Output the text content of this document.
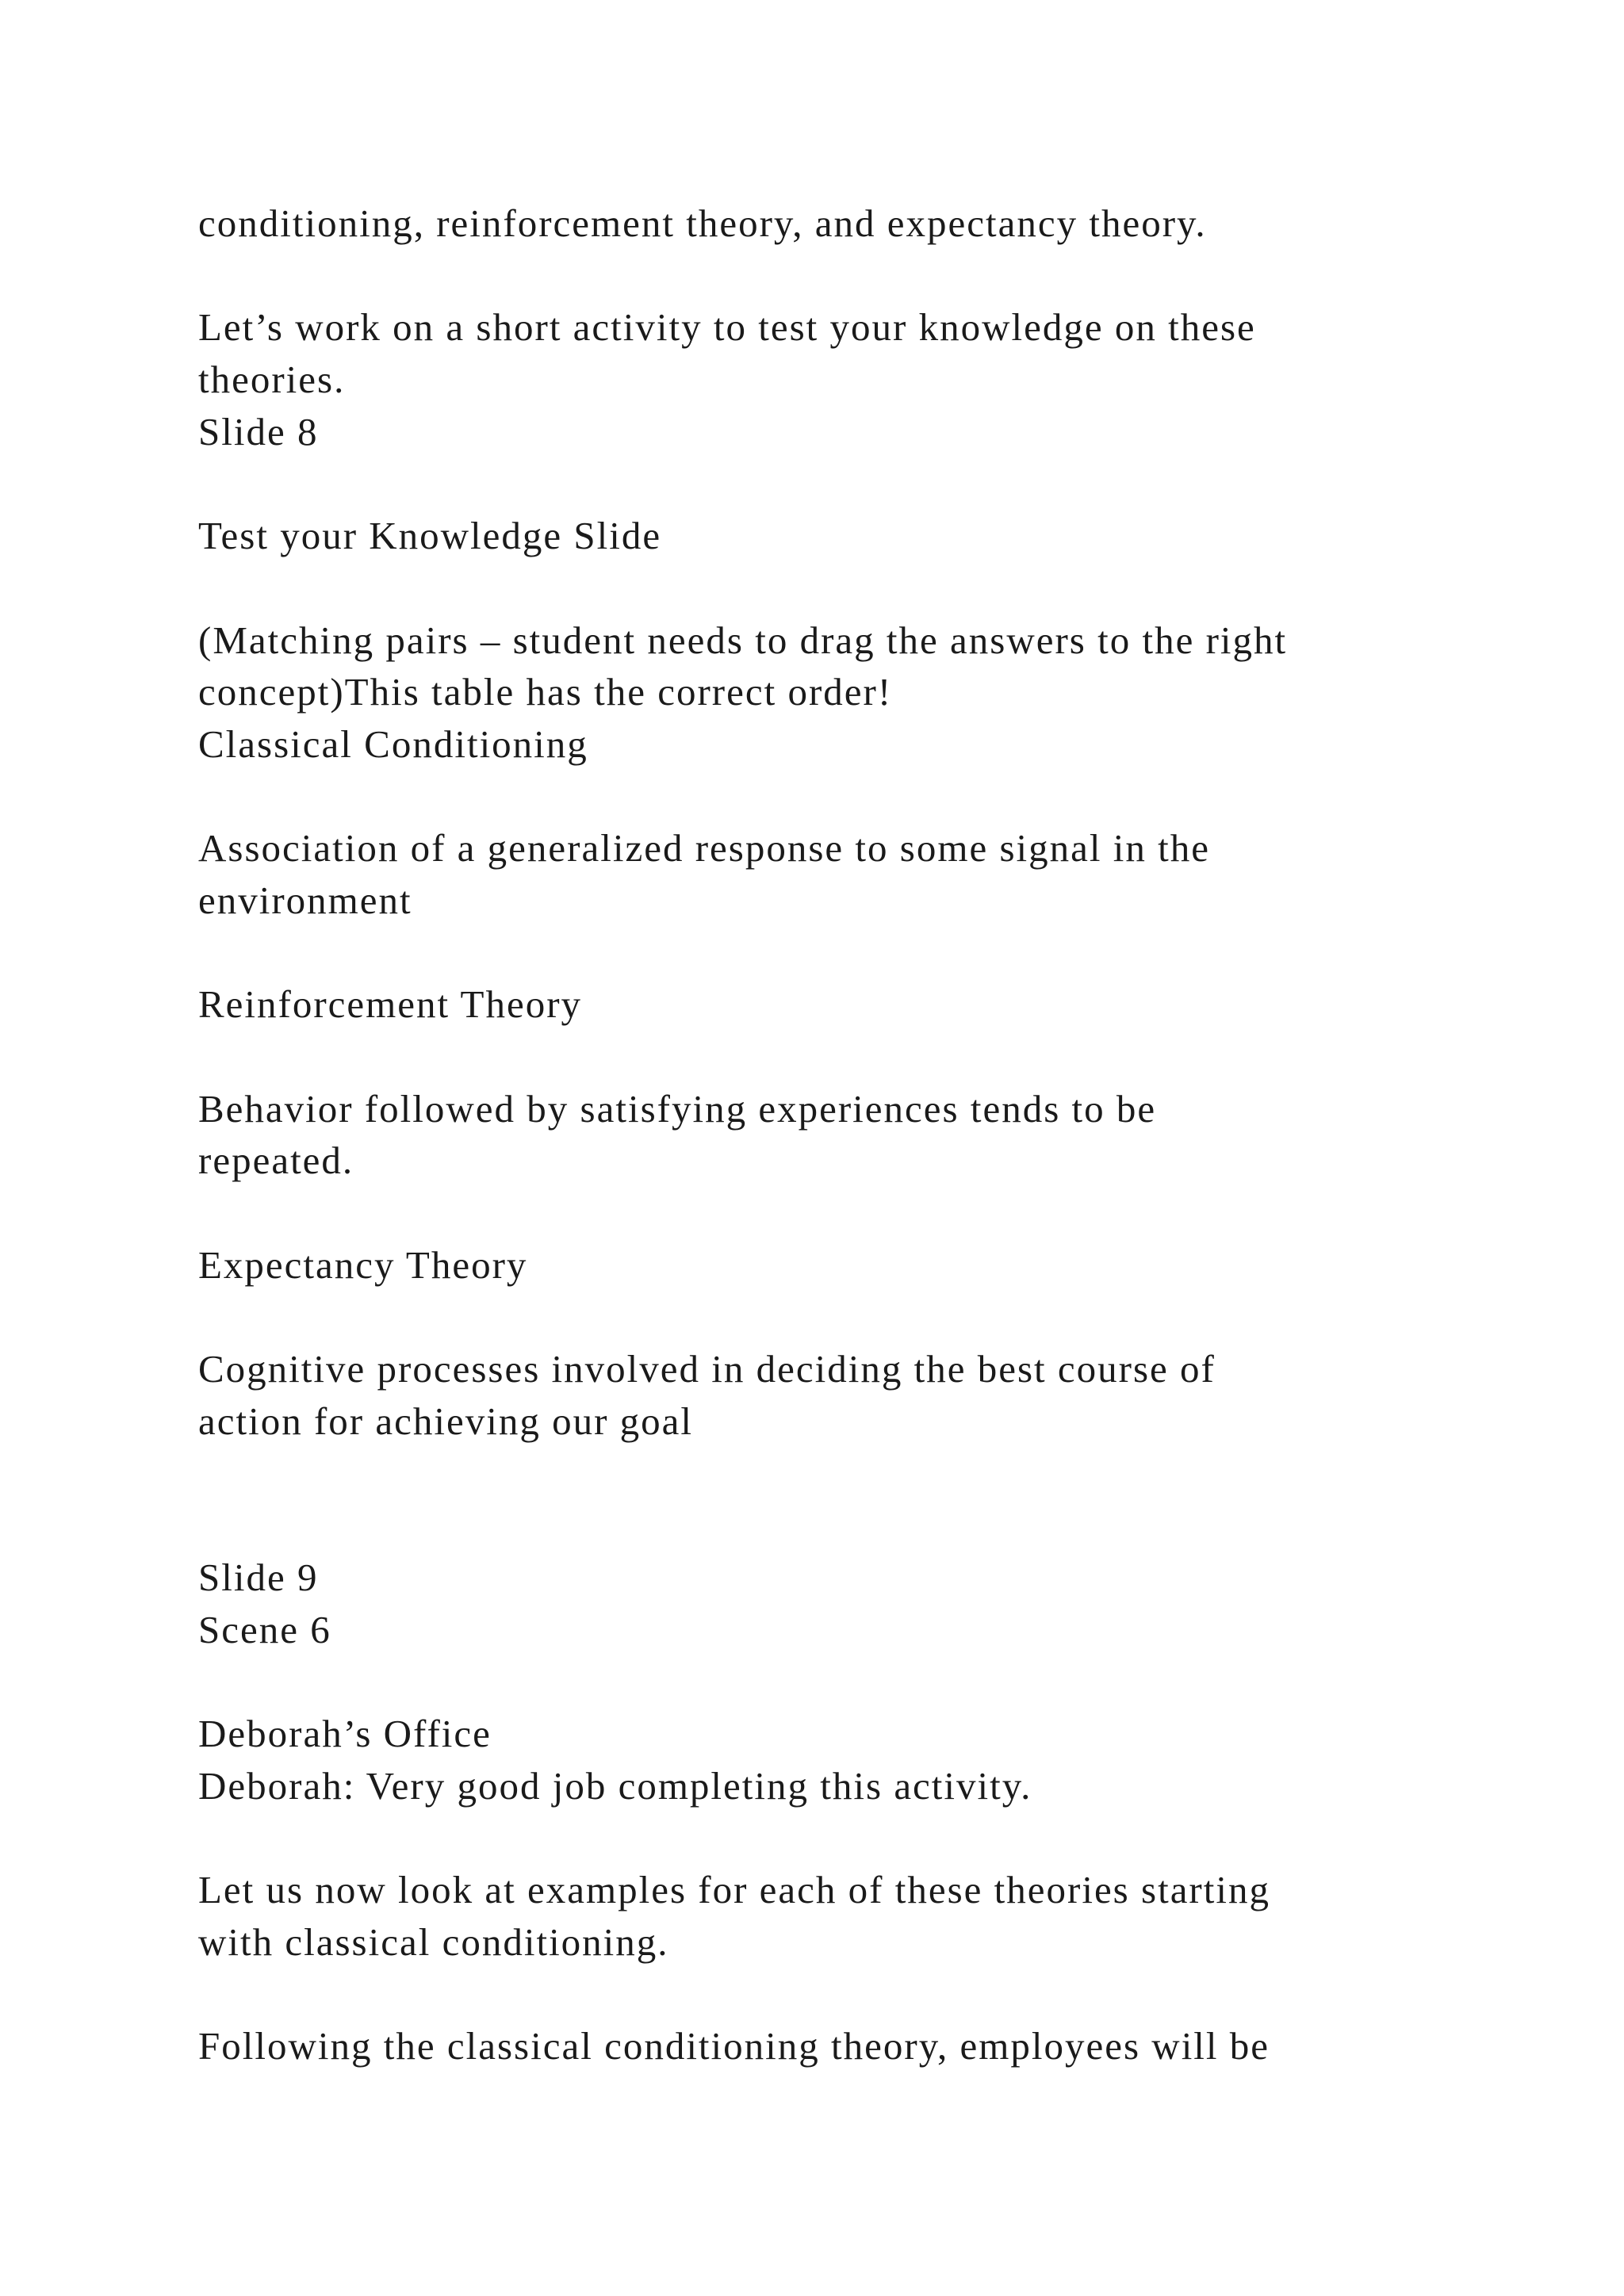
conditioning, reinforcement theory, and expectancy theory.

Let’s work on a short activity to test your knowledge on these

theories.

Slide 8

Test your Knowledge Slide

(Matching pairs – student needs to drag the answers to the right

concept)This table has the correct order!

Classical Conditioning

Association of a generalized response to some signal in the

environment

Reinforcement Theory

Behavior followed by satisfying experiences tends to be

repeated.

Expectancy Theory

Cognitive processes involved in deciding the best course of

action for achieving our goal

Slide 9

Scene 6

Deborah’s Office

Deborah: Very good job completing this activity.

Let us now look at examples for each of these theories starting

with classical conditioning.

Following the classical conditioning theory, employees will be
